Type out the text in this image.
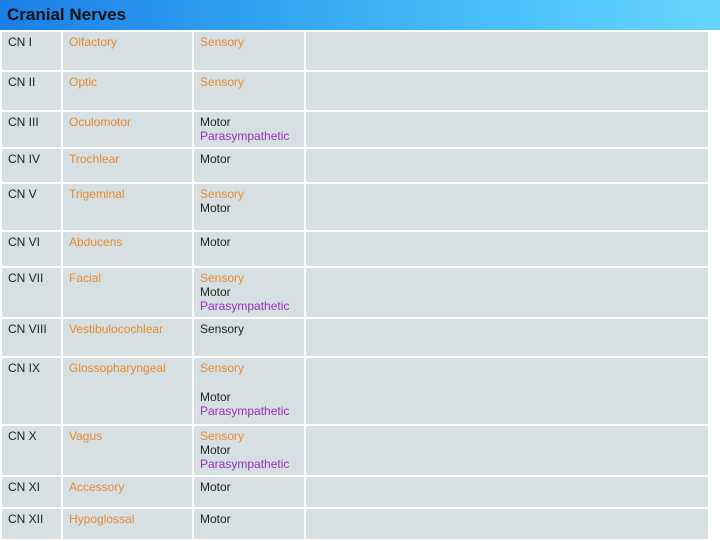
Cranial Nerves
CN I	Olfactory	Sensory	

CN II	Optic	Sensory	

CN III	Oculomotor	Motor
Parasympathetic	

CN IV	Trochlear	Motor	

CN V	Trigeminal	Sensory
Motor	

CN VI	Abducens	Motor	

CN VII	Facial	Sensory
Motor
Parasympathetic	

CN VIII	Vestibulocochlear	Sensory	

CN IX	Glossopharyngeal	Sensory
Motor
Parasympathetic	

CN X	Vagus	Sensory
Motor
Parasympathetic	

CN XI	Accessory	Motor	

CN XII	Hypoglossal	Motor	
